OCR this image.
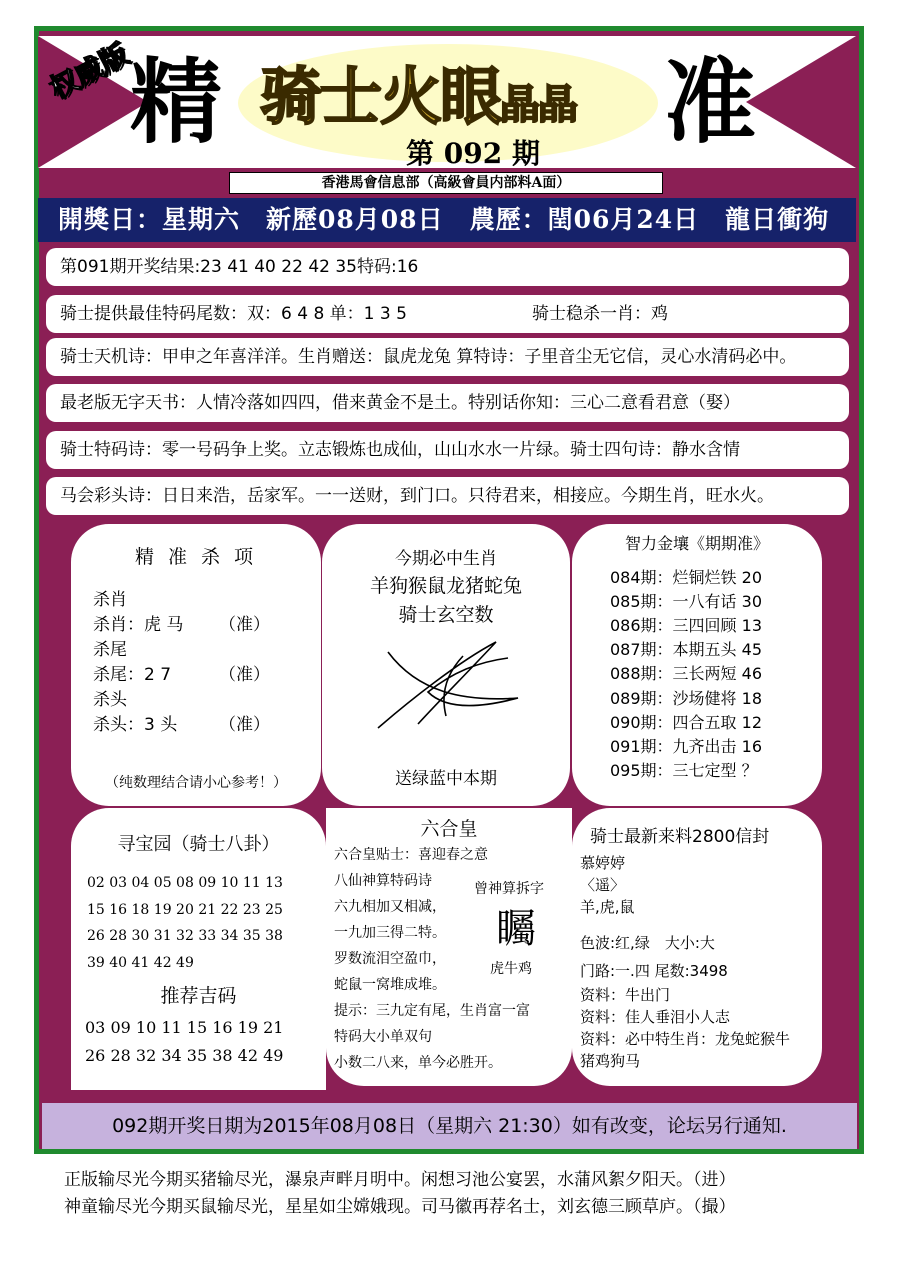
权威版
精 骑士火眼晶晶
第 092 期 准
香港馬會信息部（高級會員内部料A面）
開獎日：星期六　新歷08月08日　農歷：閏06月24日　龍日衝狗
第091期开奖结果:23 41 40 22 42 35特码:16
骑士提供最佳特码尾数：双：6 4 8 单：1 3 5	骑士稳杀一肖：鸡
骑士天机诗：甲申之年喜洋洋。生肖赠送：鼠虎龙兔 算特诗：子里音尘无它信，灵心水清码必中。
最老版无字天书：人情冷落如四四，借来黄金不是土。特别话你知：三心二意看君意（娶）
骑士特码诗：零一号码争上奖。立志锻炼也成仙，山山水水一片绿。骑士四句诗：静水含情
马会彩头诗：日日来浩，岳家军。一一送财，到门口。只待君来，相接应。今期生肖，旺水火。
精 准 杀 项
杀肖
杀肖：虎 马 （准）
杀尾
杀尾：2 7	（准）
杀头
杀头：3 头 （准）
（纯数理结合请小心参考！）
今期必中生肖
羊狗猴鼠龙猪蛇兔
骑士玄空数
送绿蓝中本期
智力金壤《期期准》
084期：烂铜烂铁 20
085期：一八有话 30
086期：三四回顾 13
087期：本期五头 45
088期：三长两短 46
089期：沙场健将 18
090期：四合五取 12
091期：九齐出击 16
095期：三七定型 ？
寻宝园（骑士八卦）
02 03 04 05 08 09 10 11 13
15 16 18 19 20 21 22 23 25
26 28 30 31 32 33 34 35 38
39 40 41 42 49
推荐吉码
03 09 10 11 15 16 19 21
26 28 32 34 35 38 42 49
六合皇
六合皇贴士：喜迎春之意
八仙神算特码诗
六九相加又相减，
一九加三得二特。
罗数流泪空盈巾，
蛇鼠一窝堆成堆。
提示：三九定有尾，生肖富一富
特码大小单双句
小数二八来，单今必胜开。
曾神算拆字
矚
虎牛鸡
骑士最新来料2800信封
慕婷婷
〈遥〉
羊,虎,鼠
色波:红,绿　大小:大
门路:一.四 尾数:3498
资料：牛出门
资料：佳人垂泪小人志
资料：必中特生肖：龙兔蛇猴牛
猪鸡狗马
092期开奖日期为2015年08月08日（星期六 21:30）如有改变，论坛另行通知.
正版输尽光今期买猪输尽光，瀑泉声畔月明中。闲想习池公宴罢，水蒲风絮夕阳天。（进）
神童输尽光今期买鼠输尽光，星星如尘嫦娥现。司马徽再荐名士，刘玄德三顾草庐。（撮）
